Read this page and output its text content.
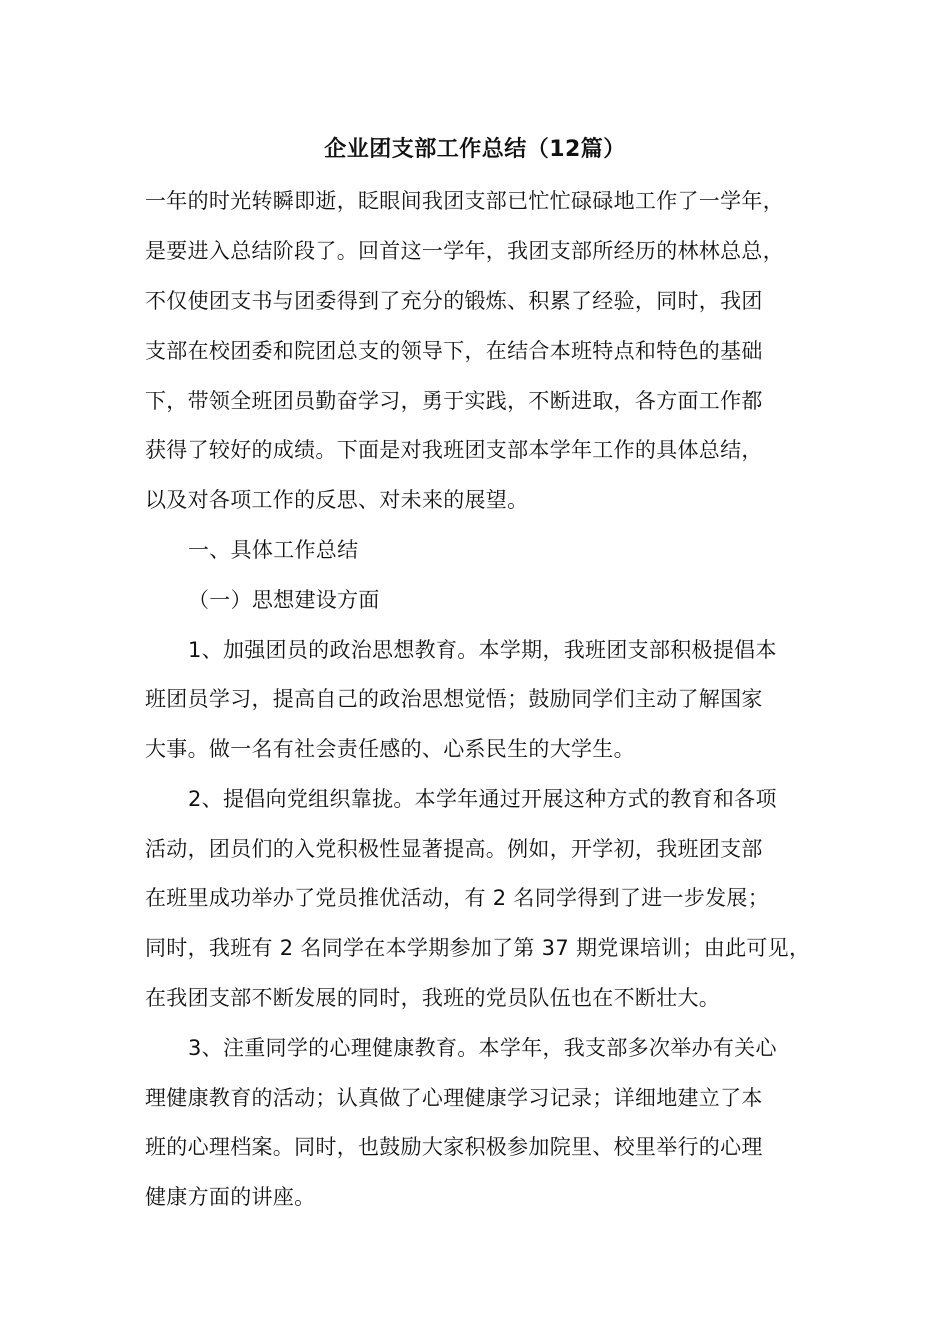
企业团支部工作总结（12篇）
一年的时光转瞬即逝，眨眼间我团支部已忙忙碌碌地工作了一学年，
是要进入总结阶段了。回首这一学年，我团支部所经历的林林总总，
不仅使团支书与团委得到了充分的锻炼、积累了经验，同时，我团
支部在校团委和院团总支的领导下，在结合本班特点和特色的基础
下，带领全班团员勤奋学习，勇于实践，不断进取，各方面工作都
获得了较好的成绩。下面是对我班团支部本学年工作的具体总结，
以及对各项工作的反思、对未来的展望。
一、具体工作总结
（一）思想建设方面
1、加强团员的政治思想教育。本学期，我班团支部积极提倡本
班团员学习，提高自己的政治思想觉悟；鼓励同学们主动了解国家
大事。做一名有社会责任感的、心系民生的大学生。
2、提倡向党组织靠拢。本学年通过开展这种方式的教育和各项
活动，团员们的入党积极性显著提高。例如，开学初，我班团支部
在班里成功举办了党员推优活动，有 2 名同学得到了进一步发展；
同时，我班有 2 名同学在本学期参加了第 37 期党课培训；由此可见，
在我团支部不断发展的同时，我班的党员队伍也在不断壮大。
3、注重同学的心理健康教育。本学年，我支部多次举办有关心
理健康教育的活动；认真做了心理健康学习记录；详细地建立了本
班的心理档案。同时，也鼓励大家积极参加院里、校里举行的心理
健康方面的讲座。
